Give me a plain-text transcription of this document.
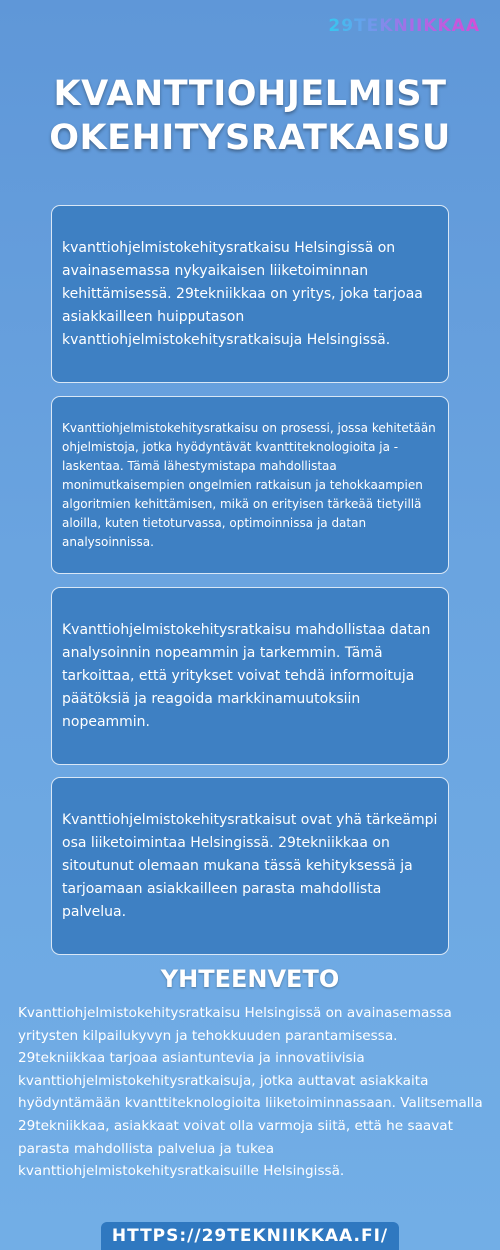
29TEKNIIKKAA
KVANTTIOHJELMIST
OKEHITYSRATKAISU

kvanttiohjelmistokehitysratkaisu Helsingissä on avainasemassa nykyaikaisen liiketoiminnan kehittämisessä. 29tekniikkaa on yritys, joka tarjoaa asiakkailleen huipputason kvanttiohjelmistokehitysratkaisuja Helsingissä.

Kvanttiohjelmistokehitysratkaisu on prosessi, jossa kehitetään ohjelmistoja, jotka hyödyntävät kvanttiteknologioita ja -laskentaa. Tämä lähestymistapa mahdollistaa monimutkaisempien ongelmien ratkaisun ja tehokkaampien algoritmien kehittämisen, mikä on erityisen tärkeää tietyillä aloilla, kuten tietoturvassa, optimoinnissa ja datan analysoinnissa.

Kvanttiohjelmistokehitysratkaisu mahdollistaa datan analysoinnin nopeammin ja tarkemmin. Tämä tarkoittaa, että yritykset voivat tehdä informoituja päätöksiä ja reagoida markkinamuutoksiin nopeammin.

Kvanttiohjelmistokehitysratkaisut ovat yhä tärkeämpi osa liiketoimintaa Helsingissä. 29tekniikkaa on sitoutunut olemaan mukana tässä kehityksessä ja tarjoamaan asiakkailleen parasta mahdollista palvelua.

YHTEENVETO

Kvanttiohjelmistokehitysratkaisu Helsingissä on avainasemassa yritysten kilpailukyvyn ja tehokkuuden parantamisessa. 29tekniikkaa tarjoaa asiantuntevia ja innovatiivisia kvanttiohjelmistokehitysratkaisuja, jotka auttavat asiakkaita hyödyntämään kvanttiteknologioita liiketoiminnassaan. Valitsemalla 29tekniikkaa, asiakkaat voivat olla varmoja siitä, että he saavat parasta mahdollista palvelua ja tukea kvanttiohjelmistokehitysratkaisuille Helsingissä.

HTTPS://29TEKNIIKKAA.FI/
